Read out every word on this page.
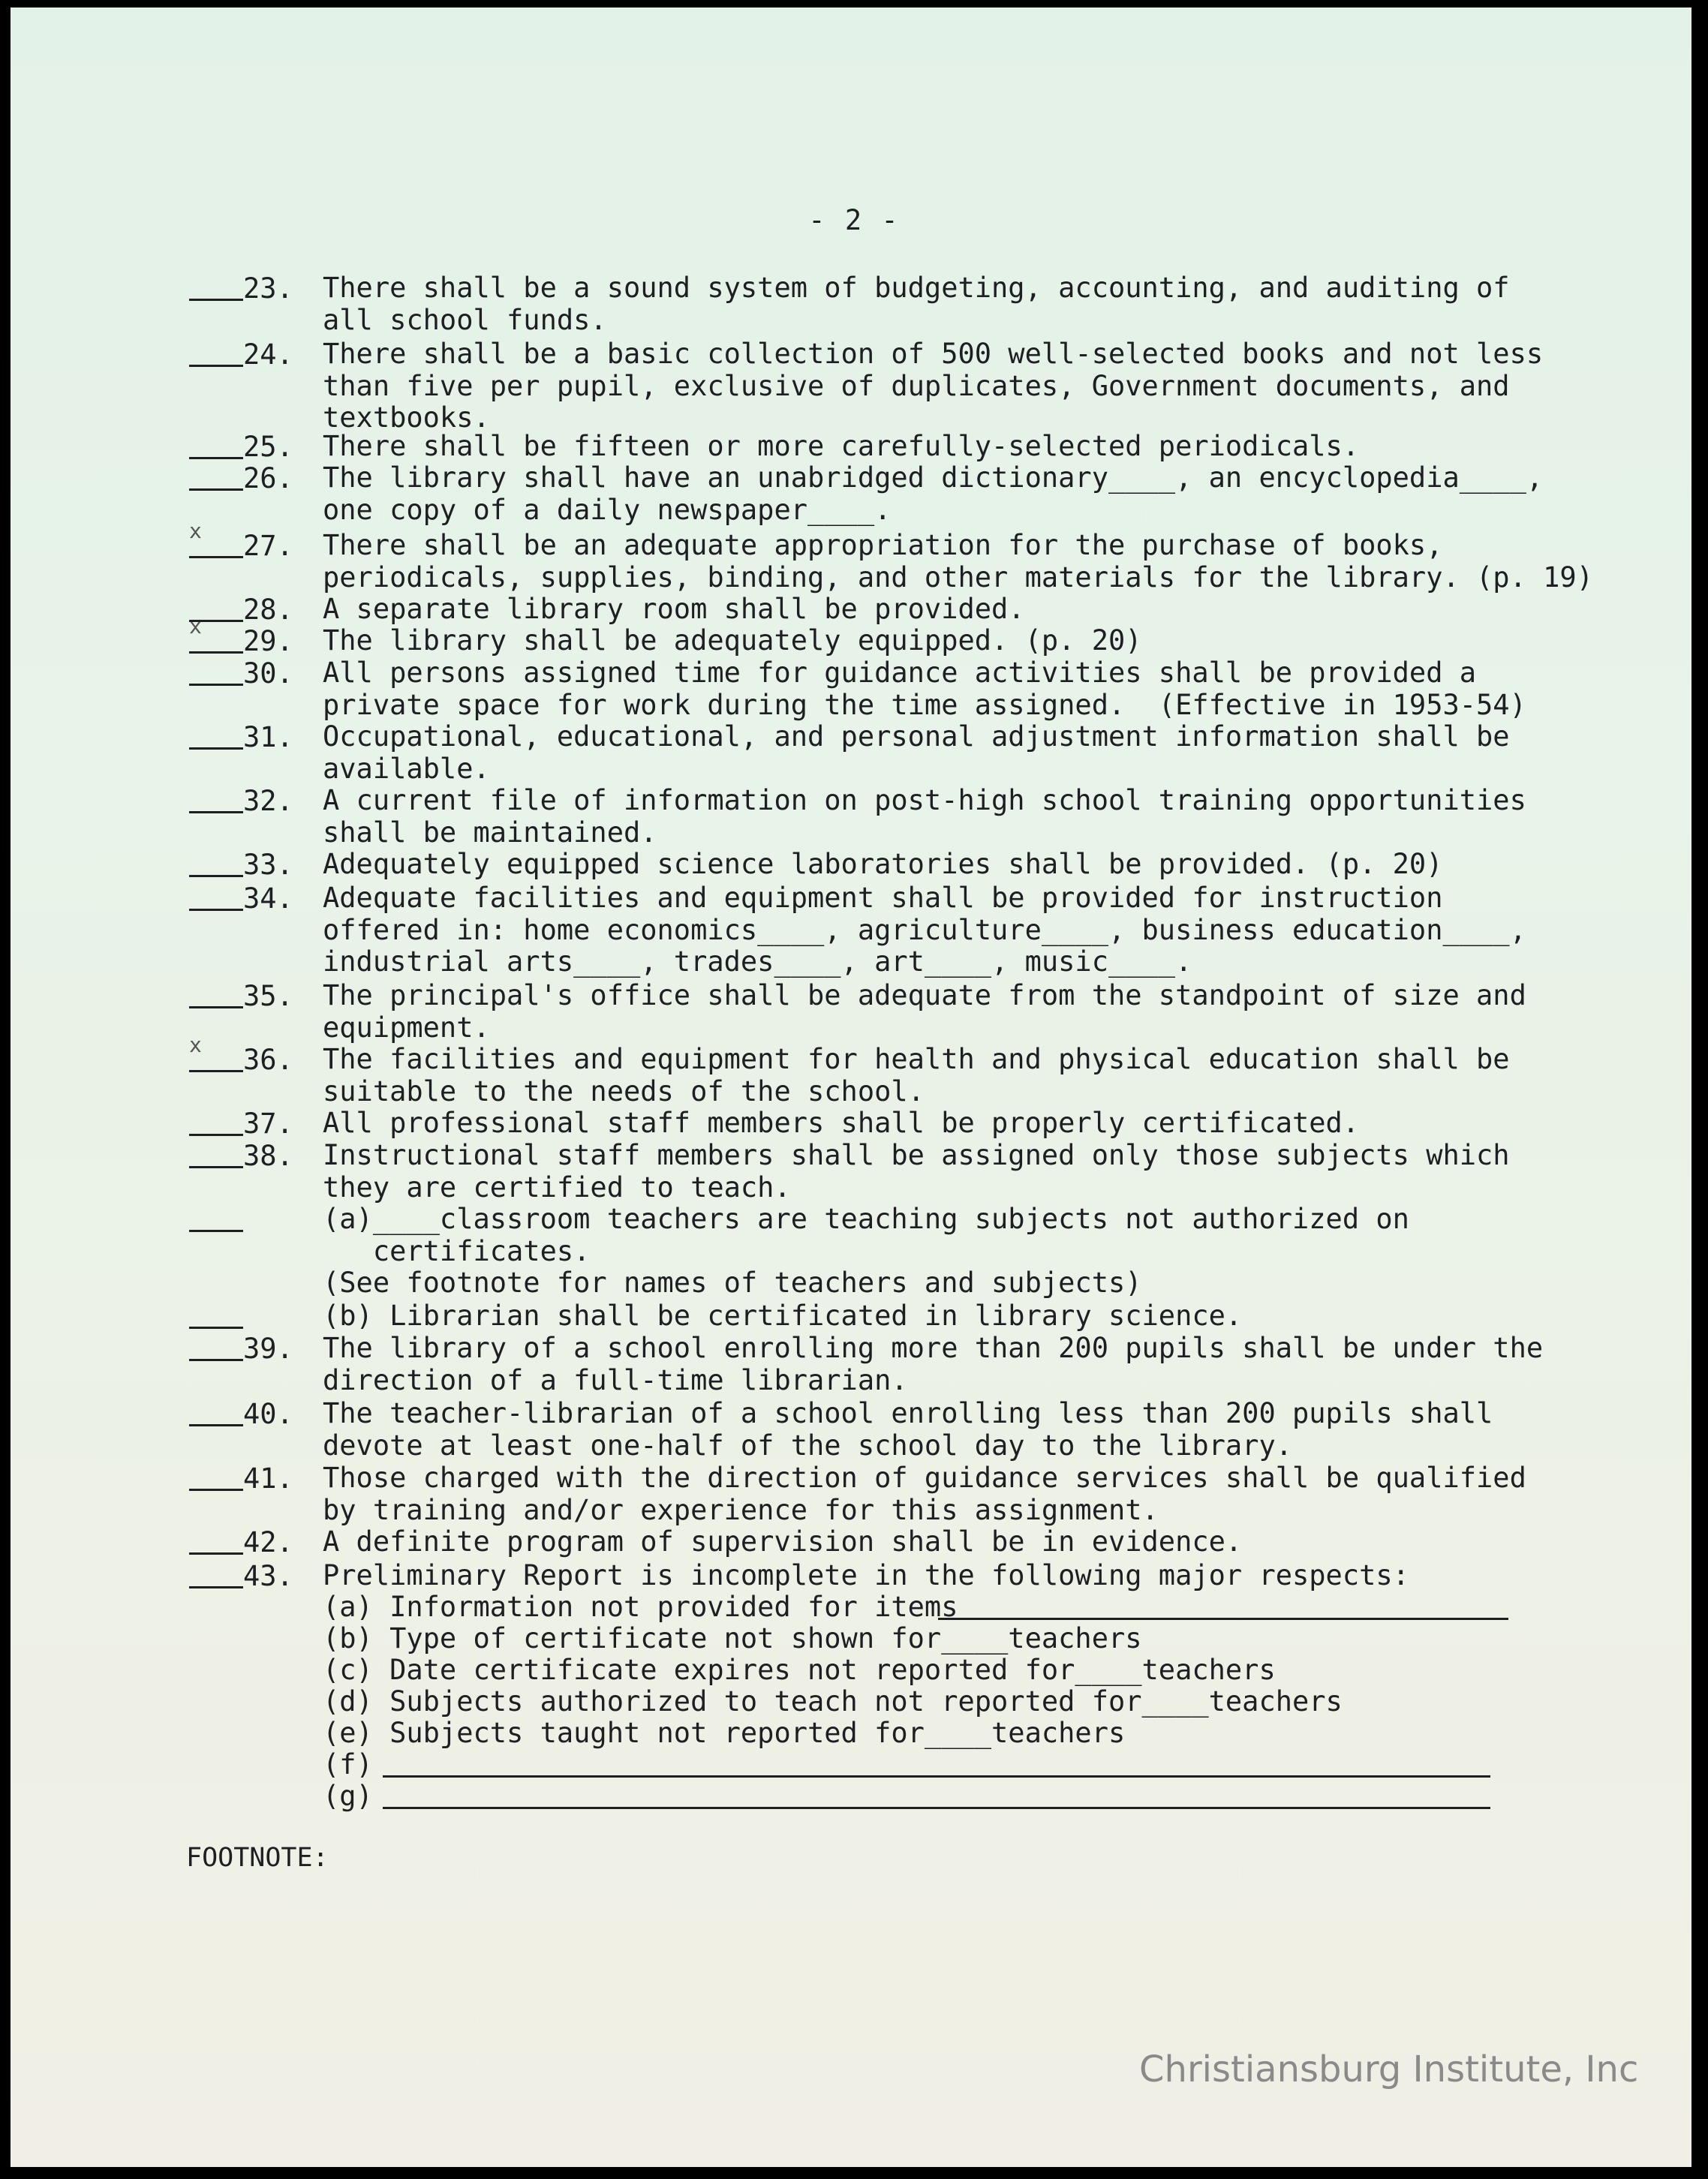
- 2 -
23. There shall be a sound system of budgeting, accounting, and auditing of
all school funds.
24. There shall be a basic collection of 500 well-selected books and not less
than five per pupil, exclusive of duplicates, Government documents, and
textbooks.
25. There shall be fifteen or more carefully-selected periodicals.
26. The library shall have an unabridged dictionary____, an encyclopedia____,
one copy of a daily newspaper____.
x 27. There shall be an adequate appropriation for the purchase of books,
periodicals, supplies, binding, and other materials for the library. (p. 19)
28. A separate library room shall be provided.
x 29. The library shall be adequately equipped. (p. 20)
30. All persons assigned time for guidance activities shall be provided a
private space for work during the time assigned.  (Effective in 1953-54)
31. Occupational, educational, and personal adjustment information shall be
available.
32. A current file of information on post-high school training opportunities
shall be maintained.
33. Adequately equipped science laboratories shall be provided. (p. 20)
34. Adequate facilities and equipment shall be provided for instruction
offered in: home economics____, agriculture____, business education____,
industrial arts____, trades____, art____, music____.
35. The principal's office shall be adequate from the standpoint of size and
equipment.
x 36. The facilities and equipment for health and physical education shall be
suitable to the needs of the school.
37. All professional staff members shall be properly certificated.
38. Instructional staff members shall be assigned only those subjects which
they are certified to teach.
(a)____classroom teachers are teaching subjects not authorized on
certificates.
(See footnote for names of teachers and subjects)
(b) Librarian shall be certificated in library science.
39. The library of a school enrolling more than 200 pupils shall be under the
direction of a full-time librarian.
40. The teacher-librarian of a school enrolling less than 200 pupils shall
devote at least one-half of the school day to the library.
41. Those charged with the direction of guidance services shall be qualified
by training and/or experience for this assignment.
42. A definite program of supervision shall be in evidence.
43. Preliminary Report is incomplete in the following major respects:
(a) Information not provided for items
(b) Type of certificate not shown for____teachers
(c) Date certificate expires not reported for____teachers
(d) Subjects authorized to teach not reported for____teachers
(e) Subjects taught not reported for____teachers
(f)
(g)
FOOTNOTE:
Christiansburg Institute, Inc
